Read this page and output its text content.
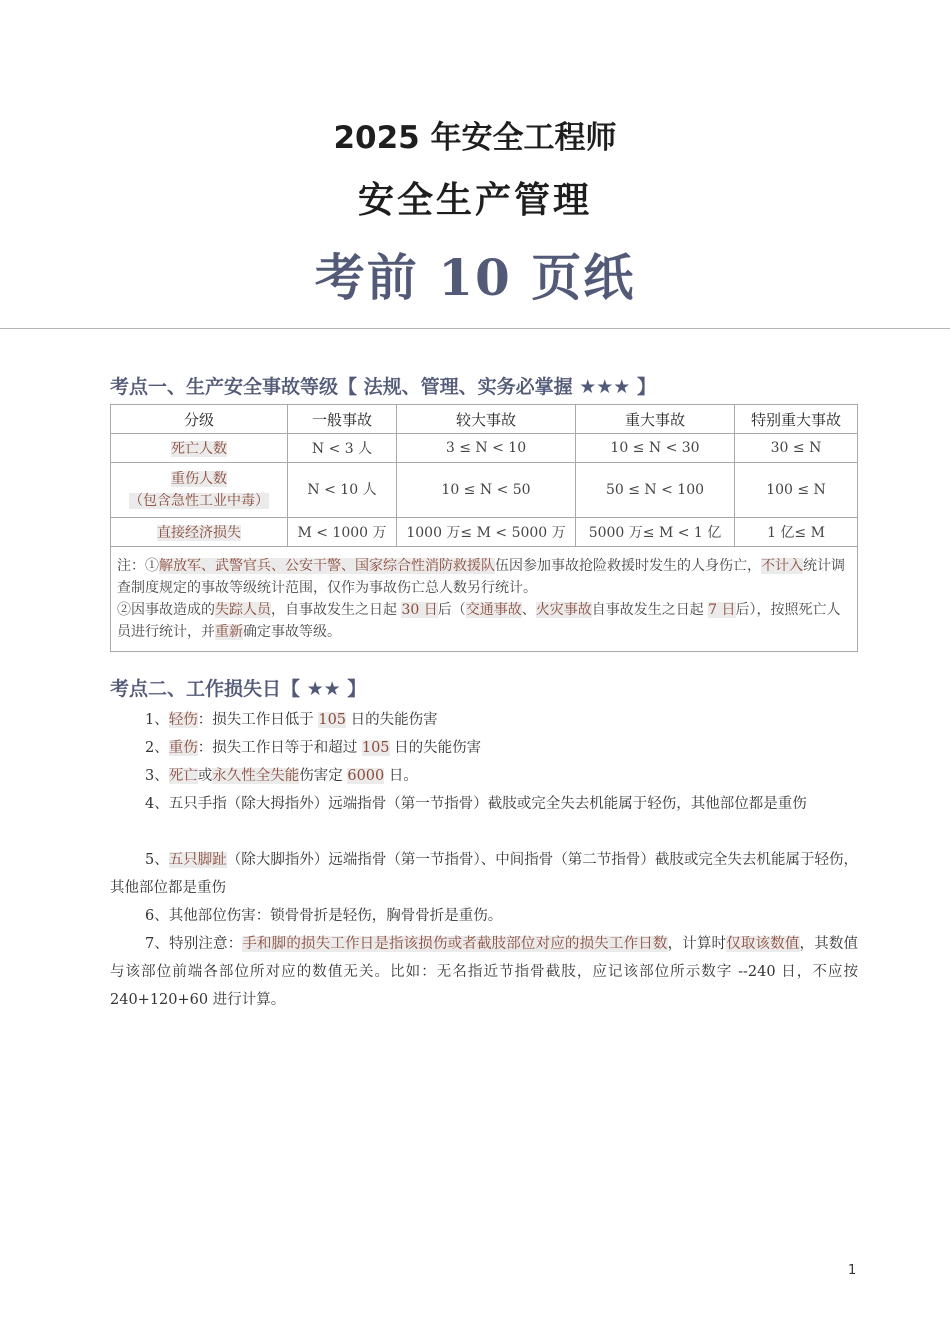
2025 年安全工程师
安全生产管理
考前 10 页纸
考点一、生产安全事故等级【 法规、管理、实务必掌握 ★★★ 】
分级	一般事故	较大事故	重大事故	特别重大事故
死亡人数	N < 3 人	3 ≤ N < 10	10 ≤ N < 30	30 ≤ N
重伤人数
（包含急性工业中毒）	N < 10 人	10 ≤ N < 50	50 ≤ N < 100	100 ≤ N
直接经济损失	M < 1000 万	1000 万≤ M < 5000 万	5000 万≤ M < 1 亿	1 亿≤ M

注：①解放军、武警官兵、公安干警、国家综合性消防救援队伍因参加事故抢险救援时发生的人身伤亡，不计入统计调查制度规定的事故等级统计范围，仅作为事故伤亡总人数另行统计。
②因事故造成的失踪人员，自事故发生之日起 30 日后（交通事故、火灾事故自事故发生之日起 7 日后），按照死亡人员进行统计，并重新确定事故等级。				
考点二、工作损失日【 ★★ 】
1、轻伤：损失工作日低于 105 日的失能伤害
2、重伤：损失工作日等于和超过 105 日的失能伤害
3、死亡或永久性全失能伤害定 6000 日。
4、五只手指（除大拇指外）远端指骨（第一节指骨）截肢或完全失去机能属于轻伤，其他部位都是重伤
5、五只脚趾（除大脚指外）远端指骨（第一节指骨）、中间指骨（第二节指骨）截肢或完全失去机能属于轻伤，其他部位都是重伤
6、其他部位伤害：锁骨骨折是轻伤，胸骨骨折是重伤。
7、特别注意：手和脚的损失工作日是指该损伤或者截肢部位对应的损失工作日数，计算时仅取该数值，其数值与该部位前端各部位所对应的数值无关。比如：无名指近节指骨截肢，应记该部位所示数字 --240 日，不应按 240+120+60 进行计算。
1
